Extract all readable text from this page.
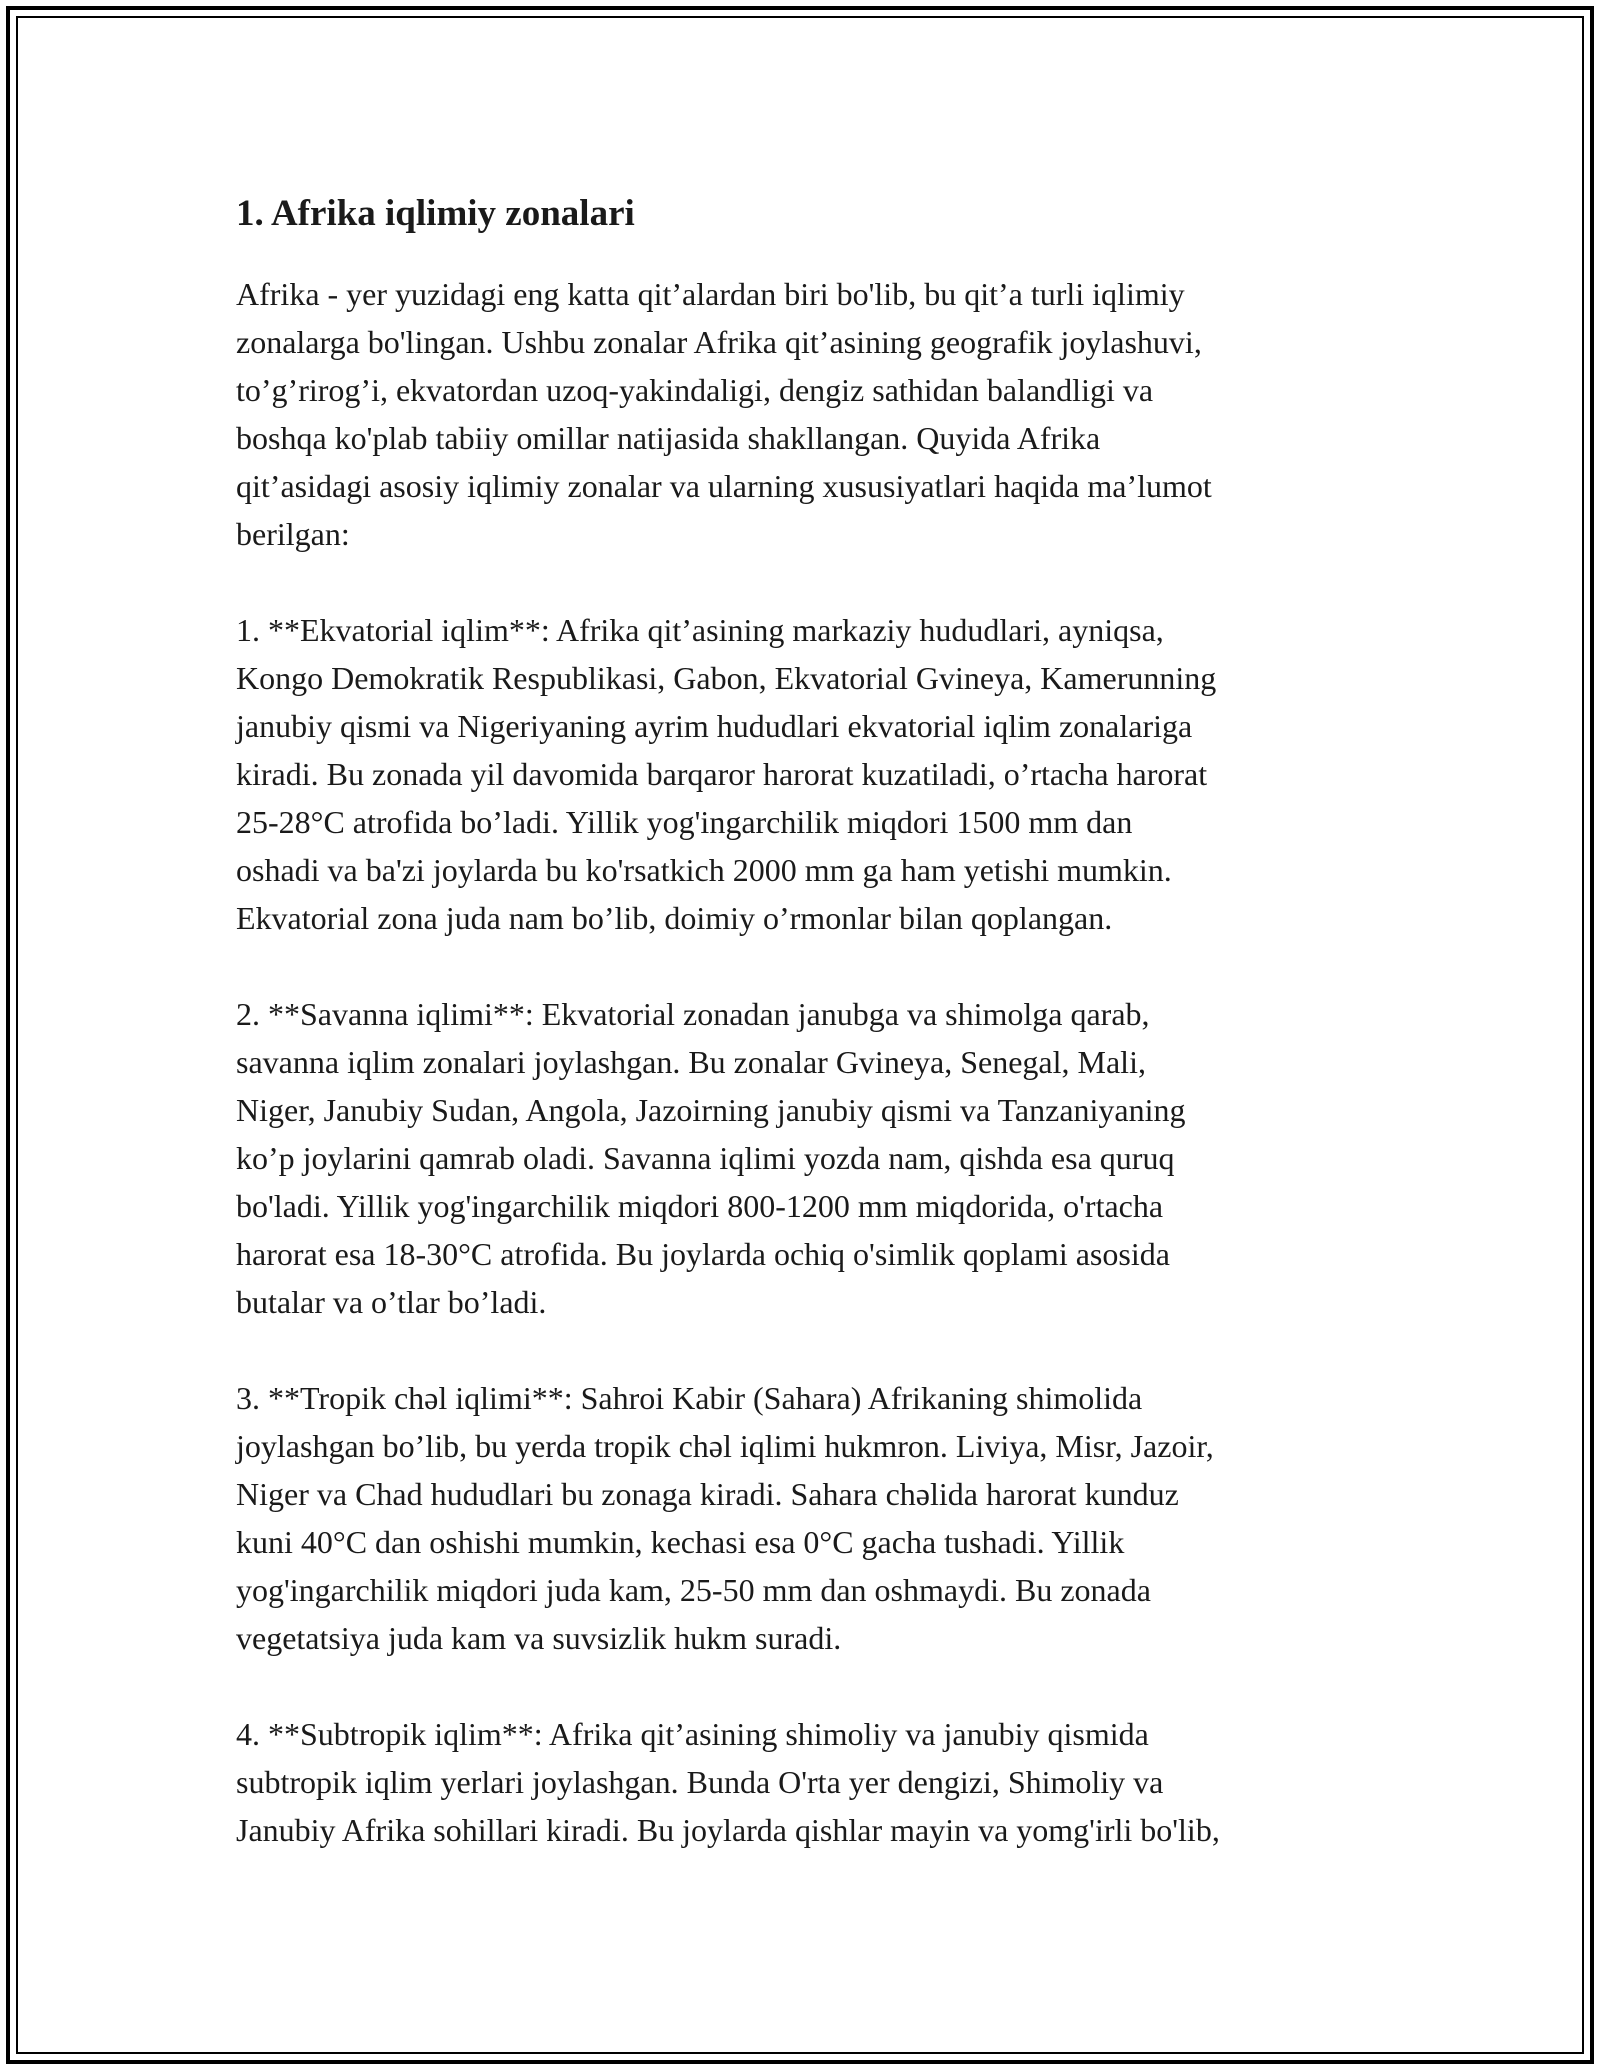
1. Afrika iqlimiy zonalari

Afrika - yer yuzidagi eng katta qit’alardan biri bo'lib, bu qit’a turli iqlimiy
zonalarga bo'lingan. Ushbu zonalar Afrika qit’asining geografik joylashuvi,
to’g’rirog’i, ekvatordan uzoq-yakindaligi, dengiz sathidan balandligi va
boshqa ko'plab tabiiy omillar natijasida shakllangan. Quyida Afrika
qit’asidagi asosiy iqlimiy zonalar va ularning xususiyatlari haqida ma’lumot
berilgan:

1. **Ekvatorial iqlim**: Afrika qit’asining markaziy hududlari, ayniqsa,
Kongo Demokratik Respublikasi, Gabon, Ekvatorial Gvineya, Kamerunning
janubiy qismi va Nigeriyaning ayrim hududlari ekvatorial iqlim zonalariga
kiradi. Bu zonada yil davomida barqaror harorat kuzatiladi, o’rtacha harorat
25-28°C atrofida bo’ladi. Yillik yog'ingarchilik miqdori 1500 mm dan
oshadi va ba'zi joylarda bu ko'rsatkich 2000 mm ga ham yetishi mumkin.
Ekvatorial zona juda nam bo’lib, doimiy o’rmonlar bilan qoplangan.

2. **Savanna iqlimi**: Ekvatorial zonadan janubga va shimolga qarab,
savanna iqlim zonalari joylashgan. Bu zonalar Gvineya, Senegal, Mali,
Niger, Janubiy Sudan, Angola, Jazoirning janubiy qismi va Tanzaniyaning
ko’p joylarini qamrab oladi. Savanna iqlimi yozda nam, qishda esa quruq
bo'ladi. Yillik yog'ingarchilik miqdori 800-1200 mm miqdorida, o'rtacha
harorat esa 18-30°C atrofida. Bu joylarda ochiq o'simlik qoplami asosida
butalar va o’tlar bo’ladi.

3. **Tropik chəl iqlimi**: Sahroi Kabir (Sahara) Afrikaning shimolida
joylashgan bo’lib, bu yerda tropik chəl iqlimi hukmron. Liviya, Misr, Jazoir,
Niger va Chad hududlari bu zonaga kiradi. Sahara chəlida harorat kunduz
kuni 40°C dan oshishi mumkin, kechasi esa 0°C gacha tushadi. Yillik
yog'ingarchilik miqdori juda kam, 25-50 mm dan oshmaydi. Bu zonada
vegetatsiya juda kam va suvsizlik hukm suradi.

4. **Subtropik iqlim**: Afrika qit’asining shimoliy va janubiy qismida
subtropik iqlim yerlari joylashgan. Bunda O'rta yer dengizi, Shimoliy va
Janubiy Afrika sohillari kiradi. Bu joylarda qishlar mayin va yomg'irli bo'lib,
